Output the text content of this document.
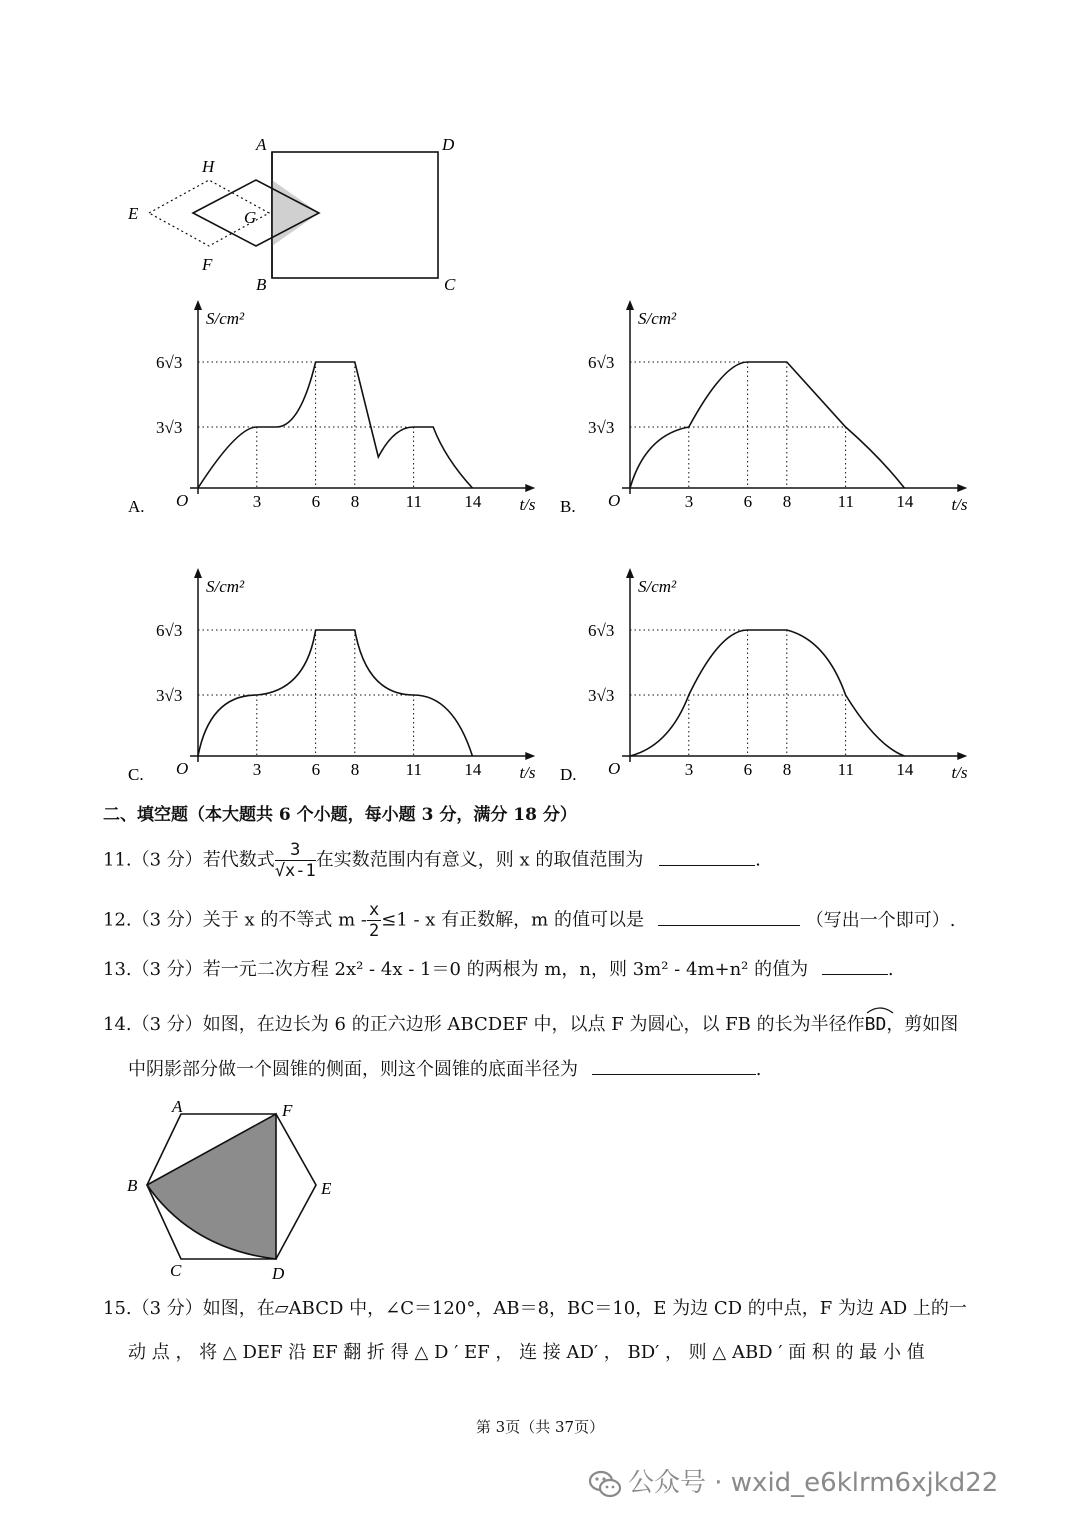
A	D
H
E	G
F
B	C
6√3
3√3
3	6 8	11 14
O
S/cm²
t/s
A.
6√3
3√3
3	6 8	11 14
O
S/cm²
t/s
B.
6√3
3√3
3	6 8	11 14
O
S/cm²
t/s
C.
6√3
3√3
3	6 8	11 14
O
S/cm²
t/s
D.
二、填空题（本大题共 6 个小题，每小题 3 分，满分 18 分）
11.（3 分）若代数式 $\frac{3}{√x-1}$ 在实数范围内有意义，则 x 的取值范围为	.
12.（3 分）关于 x 的不等式 $m - \frac{x}{2} \le 1 - x$ 有正数解，m 的值可以是	（写出一个即可）.
13.（3 分）若一元二次方程 2x² - 4x - 1＝0 的两根为 m，n，则 3m² - 4m+n² 的值为	.
14.（3 分）如图，在边长为 6 的正六边形 ABCDEF 中，以点 F 为圆心，以 FB 的长为半径作
BD，剪如图
中阴影部分做一个圆锥的侧面，则这个圆锥的底面半径为	.
A	F
B	E
C	D
15.（3 分）如图，在▱ABCD 中，∠C＝120°，AB＝8，BC＝10，E 为边 CD 的中点，F 为边 AD 上的一
动 点 ， 将 △ DEF 沿 EF 翻 折 得 △ D ′ EF ， 连 接 AD′ ， BD′ ， 则 △ ABD ′ 面 积 的 最 小 值
第 3页（共 37页）
公众号 · wxid_e6klrm6xjkd22
